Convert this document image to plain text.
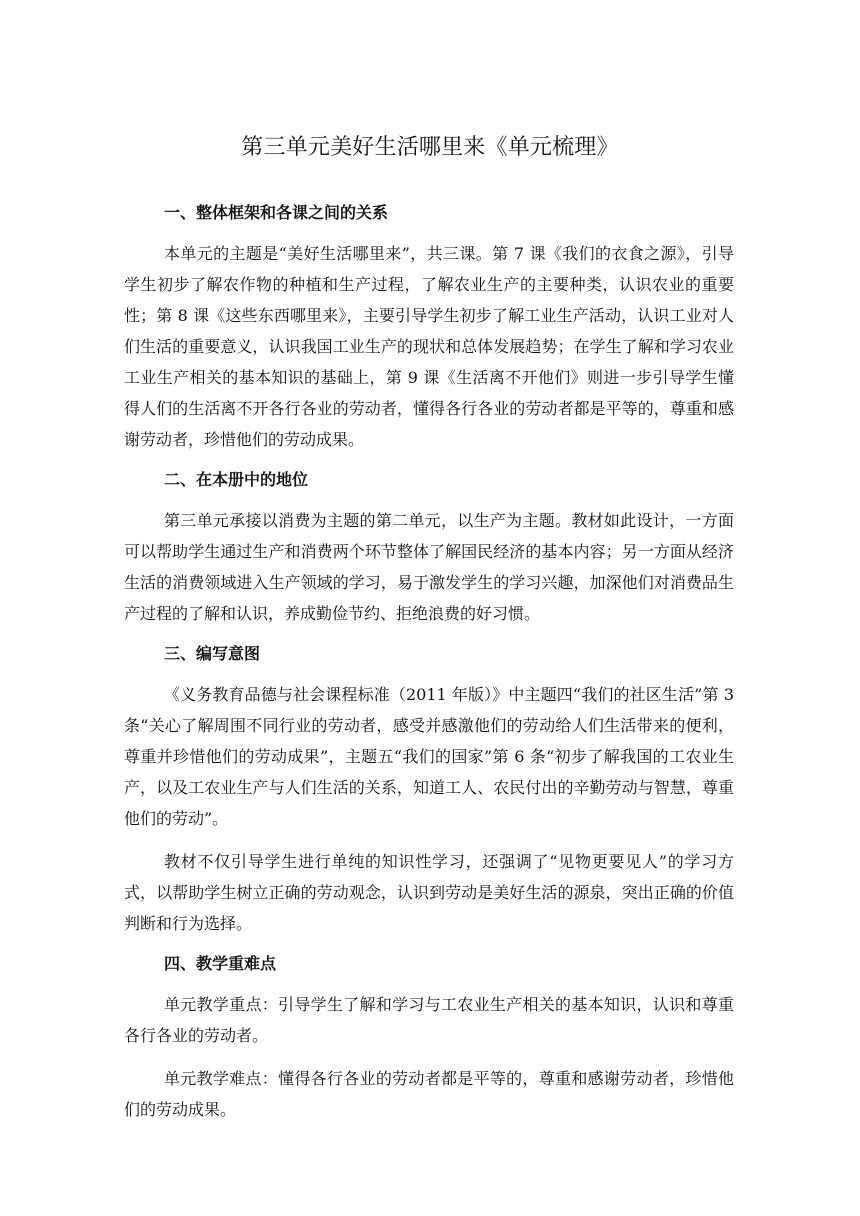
第三单元美好生活哪里来《单元梳理》
一、整体框架和各课之间的关系

本单元的主题是“美好生活哪里来”，共三课。第 7 课《我们的衣食之源》，引导学生初步了解农作物的种植和生产过程，了解农业生产的主要种类，认识农业的重要性；第 8 课《这些东西哪里来》，主要引导学生初步了解工业生产活动，认识工业对人们生活的重要意义，认识我国工业生产的现状和总体发展趋势；在学生了解和学习农业工业生产相关的基本知识的基础上，第 9 课《生活离不开他们》则进一步引导学生懂得人们的生活离不开各行各业的劳动者，懂得各行各业的劳动者都是平等的，尊重和感谢劳动者，珍惜他们的劳动成果。

二、在本册中的地位

第三单元承接以消费为主题的第二单元，以生产为主题。教材如此设计，一方面可以帮助学生通过生产和消费两个环节整体了解国民经济的基本内容；另一方面从经济生活的消费领域进入生产领域的学习，易于激发学生的学习兴趣，加深他们对消费品生产过程的了解和认识，养成勤俭节约、拒绝浪费的好习惯。

三、编写意图

《义务教育品德与社会课程标准（2011 年版）》中主题四“我们的社区生活”第 3 条“关心了解周围不同行业的劳动者，感受并感激他们的劳动给人们生活带来的便利，尊重并珍惜他们的劳动成果”，主题五“我们的国家”第 6 条“初步了解我国的工农业生产，以及工农业生产与人们生活的关系，知道工人、农民付出的辛勤劳动与智慧，尊重他们的劳动”。

教材不仅引导学生进行单纯的知识性学习，还强调了“见物更要见人”的学习方式，以帮助学生树立正确的劳动观念，认识到劳动是美好生活的源泉，突出正确的价值判断和行为选择。

四、教学重难点

单元教学重点：引导学生了解和学习与工农业生产相关的基本知识，认识和尊重各行各业的劳动者。

单元教学难点：懂得各行各业的劳动者都是平等的，尊重和感谢劳动者，珍惜他们的劳动成果。
